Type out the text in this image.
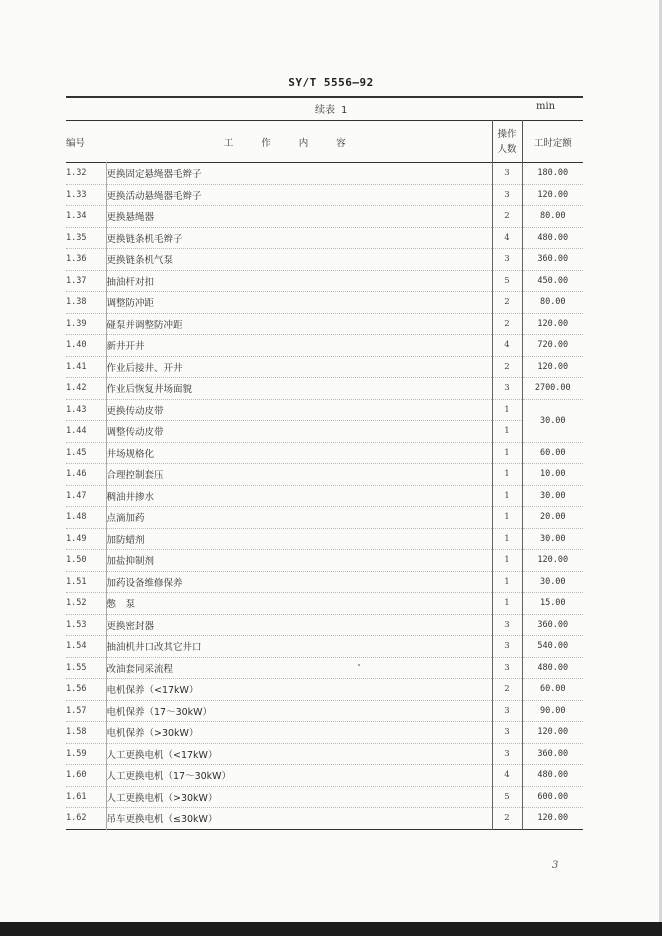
SY/T 5556—92
续表 1	min
编号	工作内容	操作
人数	工时定额
1.32	更换固定悬绳器毛辫子	3	180.00
1.33	更换活动悬绳器毛辫子	3	120.00
1.34	更换悬绳器	2	80.00
1.35	更换链条机毛辫子	4	480.00
1.36	更换链条机气泵	3	360.00
1.37	抽油杆对扣	5	450.00
1.38	调整防冲距	2	80.00
1.39	碰泵并调整防冲距	2	120.00
1.40	新井开井	4	720.00
1.41	作业后接井、开井	2	120.00
1.42	作业后恢复井场面貌	3	2700.00
1.43	更换传动皮带	1	30.00
1.44	调整传动皮带	1	
1.45	井场规格化	1	60.00
1.46	合理控制套压	1	10.00
1.47	稠油井掺水	1	30.00
1.48	点滴加药	1	20.00
1.49	加防蜡剂	1	30.00
1.50	加盐抑制剂	1	120.00
1.51	加药设备维修保养	1	30.00
1.52	憋　泵	1	15.00
1.53	更换密封器	3	360.00
1.54	抽油机井口改其它井口	3	540.00
1.55	改油套同采流程	3	480.00
1.56	电机保养（<17kW）	2	60.00
1.57	电机保养（17～30kW）	3	90.00
1.58	电机保养（>30kW）	3	120.00
1.59	人工更换电机（<17kW）	3	360.00
1.60	人工更换电机（17～30kW）	4	480.00
1.61	人工更换电机（>30kW）	5	600.00
1.62	吊车更换电机（≤30kW）	2	120.00
3
